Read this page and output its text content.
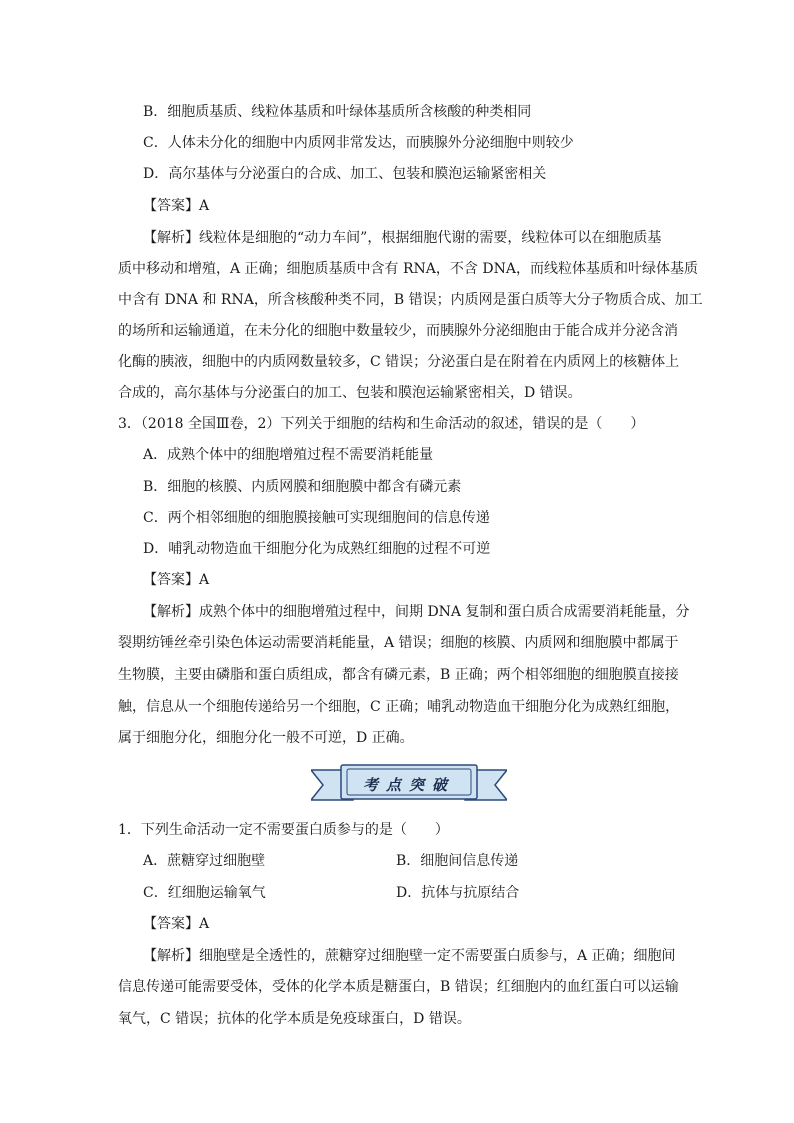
B．细胞质基质、线粒体基质和叶绿体基质所含核酸的种类相同
C．人体未分化的细胞中内质网非常发达，而胰腺外分泌细胞中则较少
D．高尔基体与分泌蛋白的合成、加工、包装和膜泡运输紧密相关
【答案】A
【解析】线粒体是细胞的“动力车间”，根据细胞代谢的需要，线粒体可以在细胞质基
质中移动和增殖，A 正确；细胞质基质中含有 RNA，不含 DNA，而线粒体基质和叶绿体基质
中含有 DNA 和 RNA，所含核酸种类不同，B 错误；内质网是蛋白质等大分子物质合成、加工
的场所和运输通道，在未分化的细胞中数量较少，而胰腺外分泌细胞由于能合成并分泌含消
化酶的胰液，细胞中的内质网数量较多，C 错误；分泌蛋白是在附着在内质网上的核糖体上
合成的，高尔基体与分泌蛋白的加工、包装和膜泡运输紧密相关，D 错误。
3．（2018 全国Ⅲ卷，2）下列关于细胞的结构和生命活动的叙述，错误的是（　　）
A．成熟个体中的细胞增殖过程不需要消耗能量
B．细胞的核膜、内质网膜和细胞膜中都含有磷元素
C．两个相邻细胞的细胞膜接触可实现细胞间的信息传递
D．哺乳动物造血干细胞分化为成熟红细胞的过程不可逆
【答案】A
【解析】成熟个体中的细胞增殖过程中，间期 DNA 复制和蛋白质合成需要消耗能量，分
裂期纺锤丝牵引染色体运动需要消耗能量，A 错误；细胞的核膜、内质网和细胞膜中都属于
生物膜，主要由磷脂和蛋白质组成，都含有磷元素，B 正确；两个相邻细胞的细胞膜直接接
触，信息从一个细胞传递给另一个细胞，C 正确；哺乳动物造血干细胞分化为成熟红细胞，
属于细胞分化，细胞分化一般不可逆，D 正确。
考点突破
1．下列生命活动一定不需要蛋白质参与的是（　　）
A．蔗糖穿过细胞壁	B．细胞间信息传递
C．红细胞运输氧气	D．抗体与抗原结合
【答案】A
【解析】细胞壁是全透性的，蔗糖穿过细胞壁一定不需要蛋白质参与，A 正确；细胞间
信息传递可能需要受体，受体的化学本质是糖蛋白，B 错误；红细胞内的血红蛋白可以运输
氧气，C 错误；抗体的化学本质是免疫球蛋白，D 错误。
